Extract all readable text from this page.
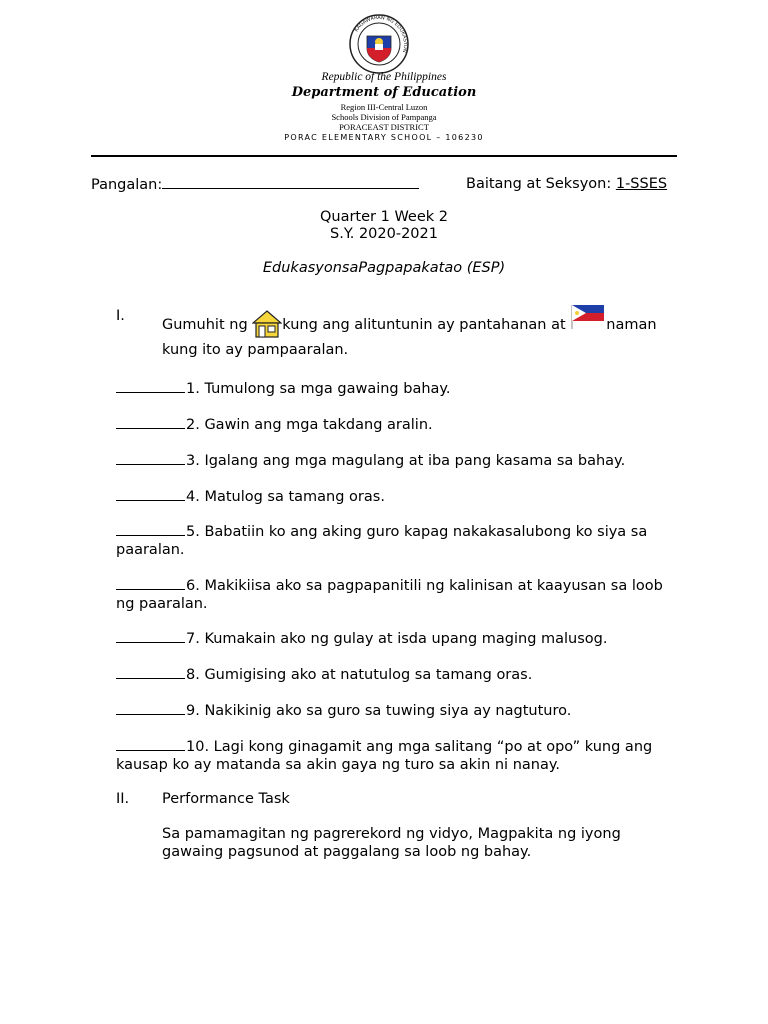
KAGAWARAN NG EDUKASYON
Republic of the Philippines
Department of Education
Region III-Central Luzon
Schools Division of Pampanga
PORACEAST DISTRICT
PORAC ELEMENTARY SCHOOL – 106230
Pangalan:	Baitang at Seksyon: 1-SSES
Quarter 1 Week 2
S.Y. 2020-2021
EdukasyonsaPagpapakatao (ESP)
I.
Gumuhit ng kung ang alituntunin ay pantahanan at	naman
kung ito ay pampaaralan.
1. Tumulong sa mga gawaing bahay.
2. Gawin ang mga takdang aralin.
3. Igalang ang mga magulang at iba pang kasama sa bahay.
4. Matulog sa tamang oras.
5. Babatiin ko ang aking guro kapag nakakasalubong ko siya sa paaralan.
6. Makikiisa ako sa pagpapanitili ng kalinisan at kaayusan sa loob ng paaralan.
7. Kumakain ako ng gulay at isda upang maging malusog.
8. Gumigising ako at natutulog sa tamang oras.
9. Nakikinig ako sa guro sa tuwing siya ay nagtuturo.
10. Lagi kong ginagamit ang mga salitang “po at opo” kung ang kausap ko ay matanda sa akin gaya ng turo sa akin ni nanay.
II. Performance Task
Sa pamamagitan ng pagrerekord ng vidyo, Magpakita ng iyong gawaing pagsunod at paggalang sa loob ng bahay.
